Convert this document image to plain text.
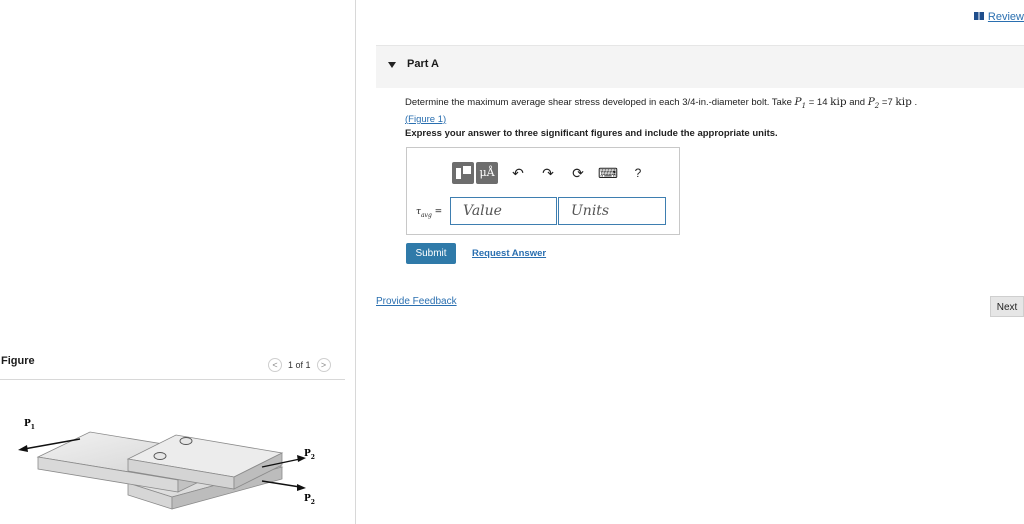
Figure	< 1 of 1 >
$P_1$
$P_2$
$P_2$
Review
Part A
Determine the maximum average shear stress developed in each 3/4-in.-diameter bolt. Take $P_1 = 14$ kip and $P_2 =7$ kip .
(Figure 1)
Express your answer to three significant figures and include the appropriate units.
μÅ	↶	↷	⟳	⌨	?
$\tau_{avg}$ = Value	Units
Submit	Request Answer
Provide Feedback
Next
